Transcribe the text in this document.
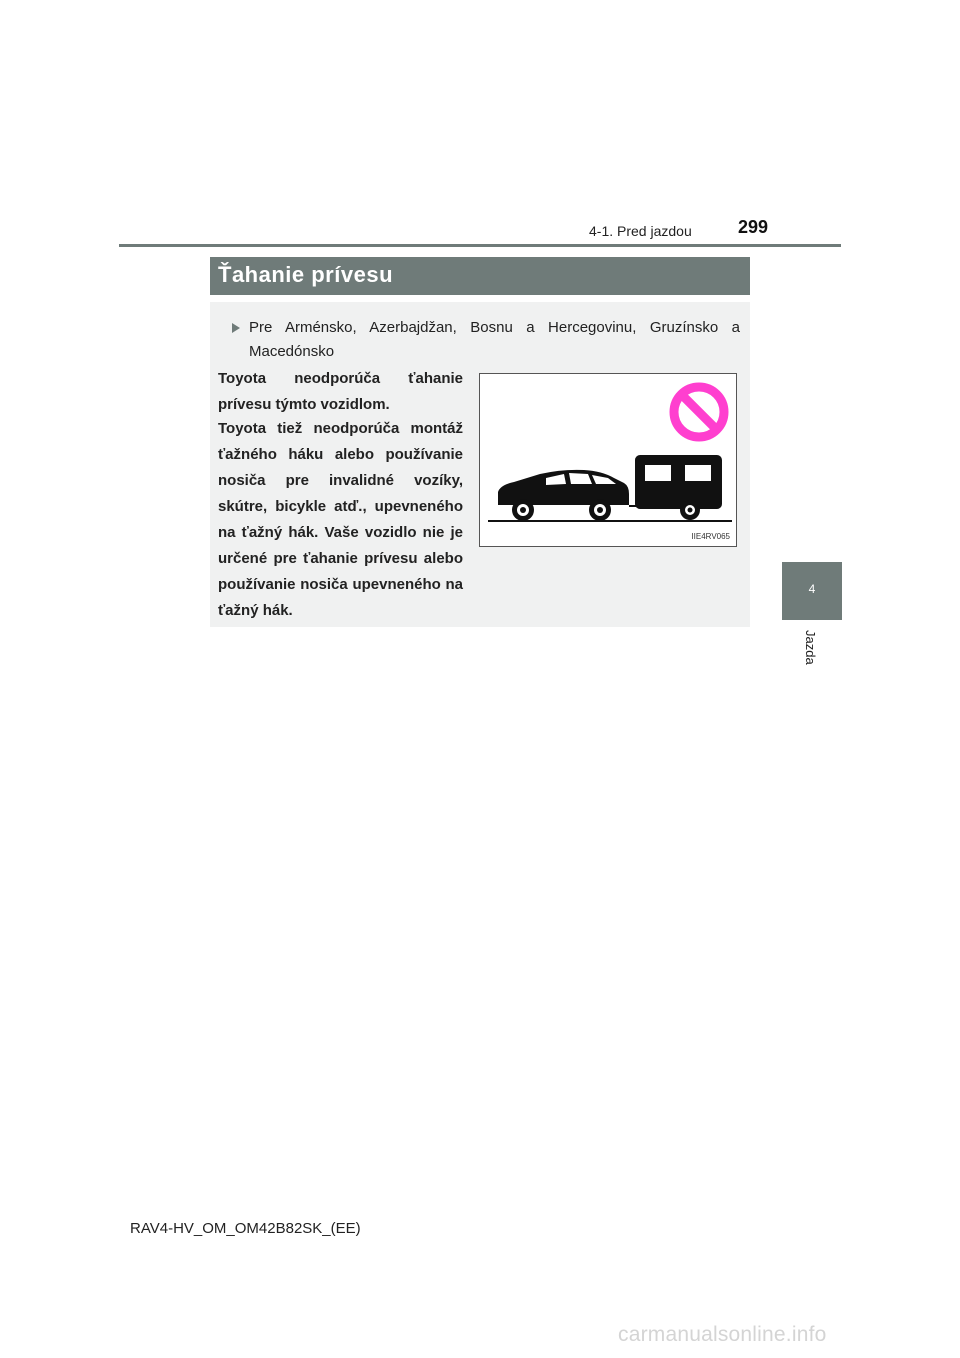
4-1. Pred jazdou	299
4
Jazda
Ťahanie prívesu
Pre Arménsko, Azerbajdžan, Bosnu a Hercegovinu, Gruzínsko a Macedónsko
Toyota neodporúča ťahanie prívesu týmto vozidlom.
Toyota tiež neodporúča montáž ťažného háku alebo používanie nosiča pre invalidné vozíky, skútre, bicykle atď., upevneného na ťažný hák. Vaše vozidlo nie je určené pre ťahanie prívesu alebo používanie nosiča upevneného na ťažný hák.
IIE4RV065
RAV4-HV_OM_OM42B82SK_(EE)
carmanualsonline.info
